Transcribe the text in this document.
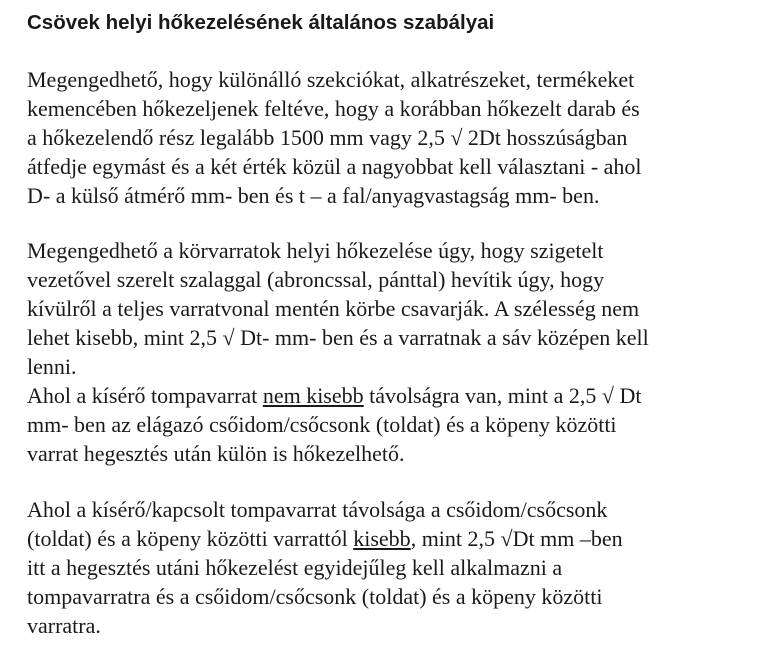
Csövek helyi hőkezelésének általános szabályai
Megengedhető, hogy különálló szekciókat, alkatrészeket, termékeket
kemencében hőkezeljenek feltéve, hogy a korábban hőkezelt darab és
a hőkezelendő rész legalább 1500 mm vagy 2,5 √ 2Dt hosszúságban
átfedje egymást és a két érték közül a nagyobbat kell választani - ahol
D- a külső átmérő mm- ben és t – a fal/anyagvastagság mm- ben.
Megengedhető a körvarratok helyi hőkezelése úgy, hogy szigetelt
vezetővel szerelt szalaggal (abroncssal, pánttal) hevítik úgy, hogy
kívülről a teljes varratvonal mentén körbe csavarják. A szélesség nem
lehet kisebb, mint 2,5 √ Dt- mm- ben és a varratnak a sáv középen kell
lenni.
Ahol a kísérő tompavarrat nem kisebb távolságra van, mint a 2,5 √ Dt
mm- ben az elágazó csőidom/csőcsonk (toldat) és a köpeny közötti
varrat hegesztés után külön is hőkezelhető.
Ahol a kísérő/kapcsolt tompavarrat távolsága a csőidom/csőcsonk
(toldat) és a köpeny közötti varrattól kisebb, mint 2,5 √Dt mm –ben
itt a hegesztés utáni hőkezelést egyidejűleg kell alkalmazni a
tompavarratra és a csőidom/csőcsonk (toldat) és a köpeny közötti
varratra.
